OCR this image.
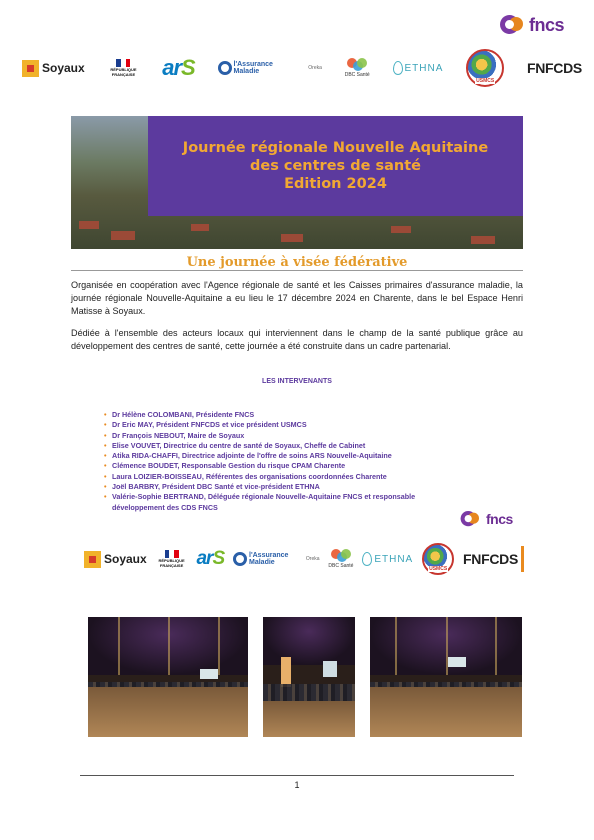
fncs
Soyaux	RÉPUBLIQUE FRANÇAISE arS	l'Assurance Maladie	Oreka
DBC Santé
ETHNA
USMCS
FNFCDS
Journée régionale Nouvelle Aquitaine
des centres de santé
Edition 2024
Une journée à visée fédérative

Organisée en coopération avec l'Agence régionale de santé et les Caisses primaires d'assurance maladie, la journée régionale Nouvelle-Aquitaine a eu lieu le 17 décembre 2024 en Charente, dans le bel Espace Henri Matisse à Soyaux.

Dédiée à l'ensemble des acteurs locaux qui interviennent dans le champ de la santé publique grâce au développement des centres de santé, cette journée a été construite dans un cadre partenarial.

LES INTERVENANTS
• Dr Hélène COLOMBANI, Présidente FNCS
• Dr Eric MAY, Président FNFCDS et vice président USMCS
• Dr François NEBOUT, Maire de Soyaux
• Elise VOUVET, Directrice du centre de santé de Soyaux, Cheffe de Cabinet
• Atika RIDA-CHAFFI, Directrice adjointe de l'offre de soins ARS Nouvelle-Aquitaine
• Clémence BOUDET, Responsable Gestion du risque CPAM Charente
• Laura LOIZIER-BOISSEAU, Référentes des organisations coordonnées Charente
• Joël BARBRY, Président DBC Santé et vice-président ETHNA
• Valérie-Sophie BERTRAND, Déléguée régionale Nouvelle-Aquitaine FNCS et responsable développement des CDS FNCS
fncs
Soyaux	RÉPUBLIQUE FRANÇAISE arS	l'Assurance Maladie	Oreka
DBC Santé
ETHNA
USMCS
FNFCDS
1
